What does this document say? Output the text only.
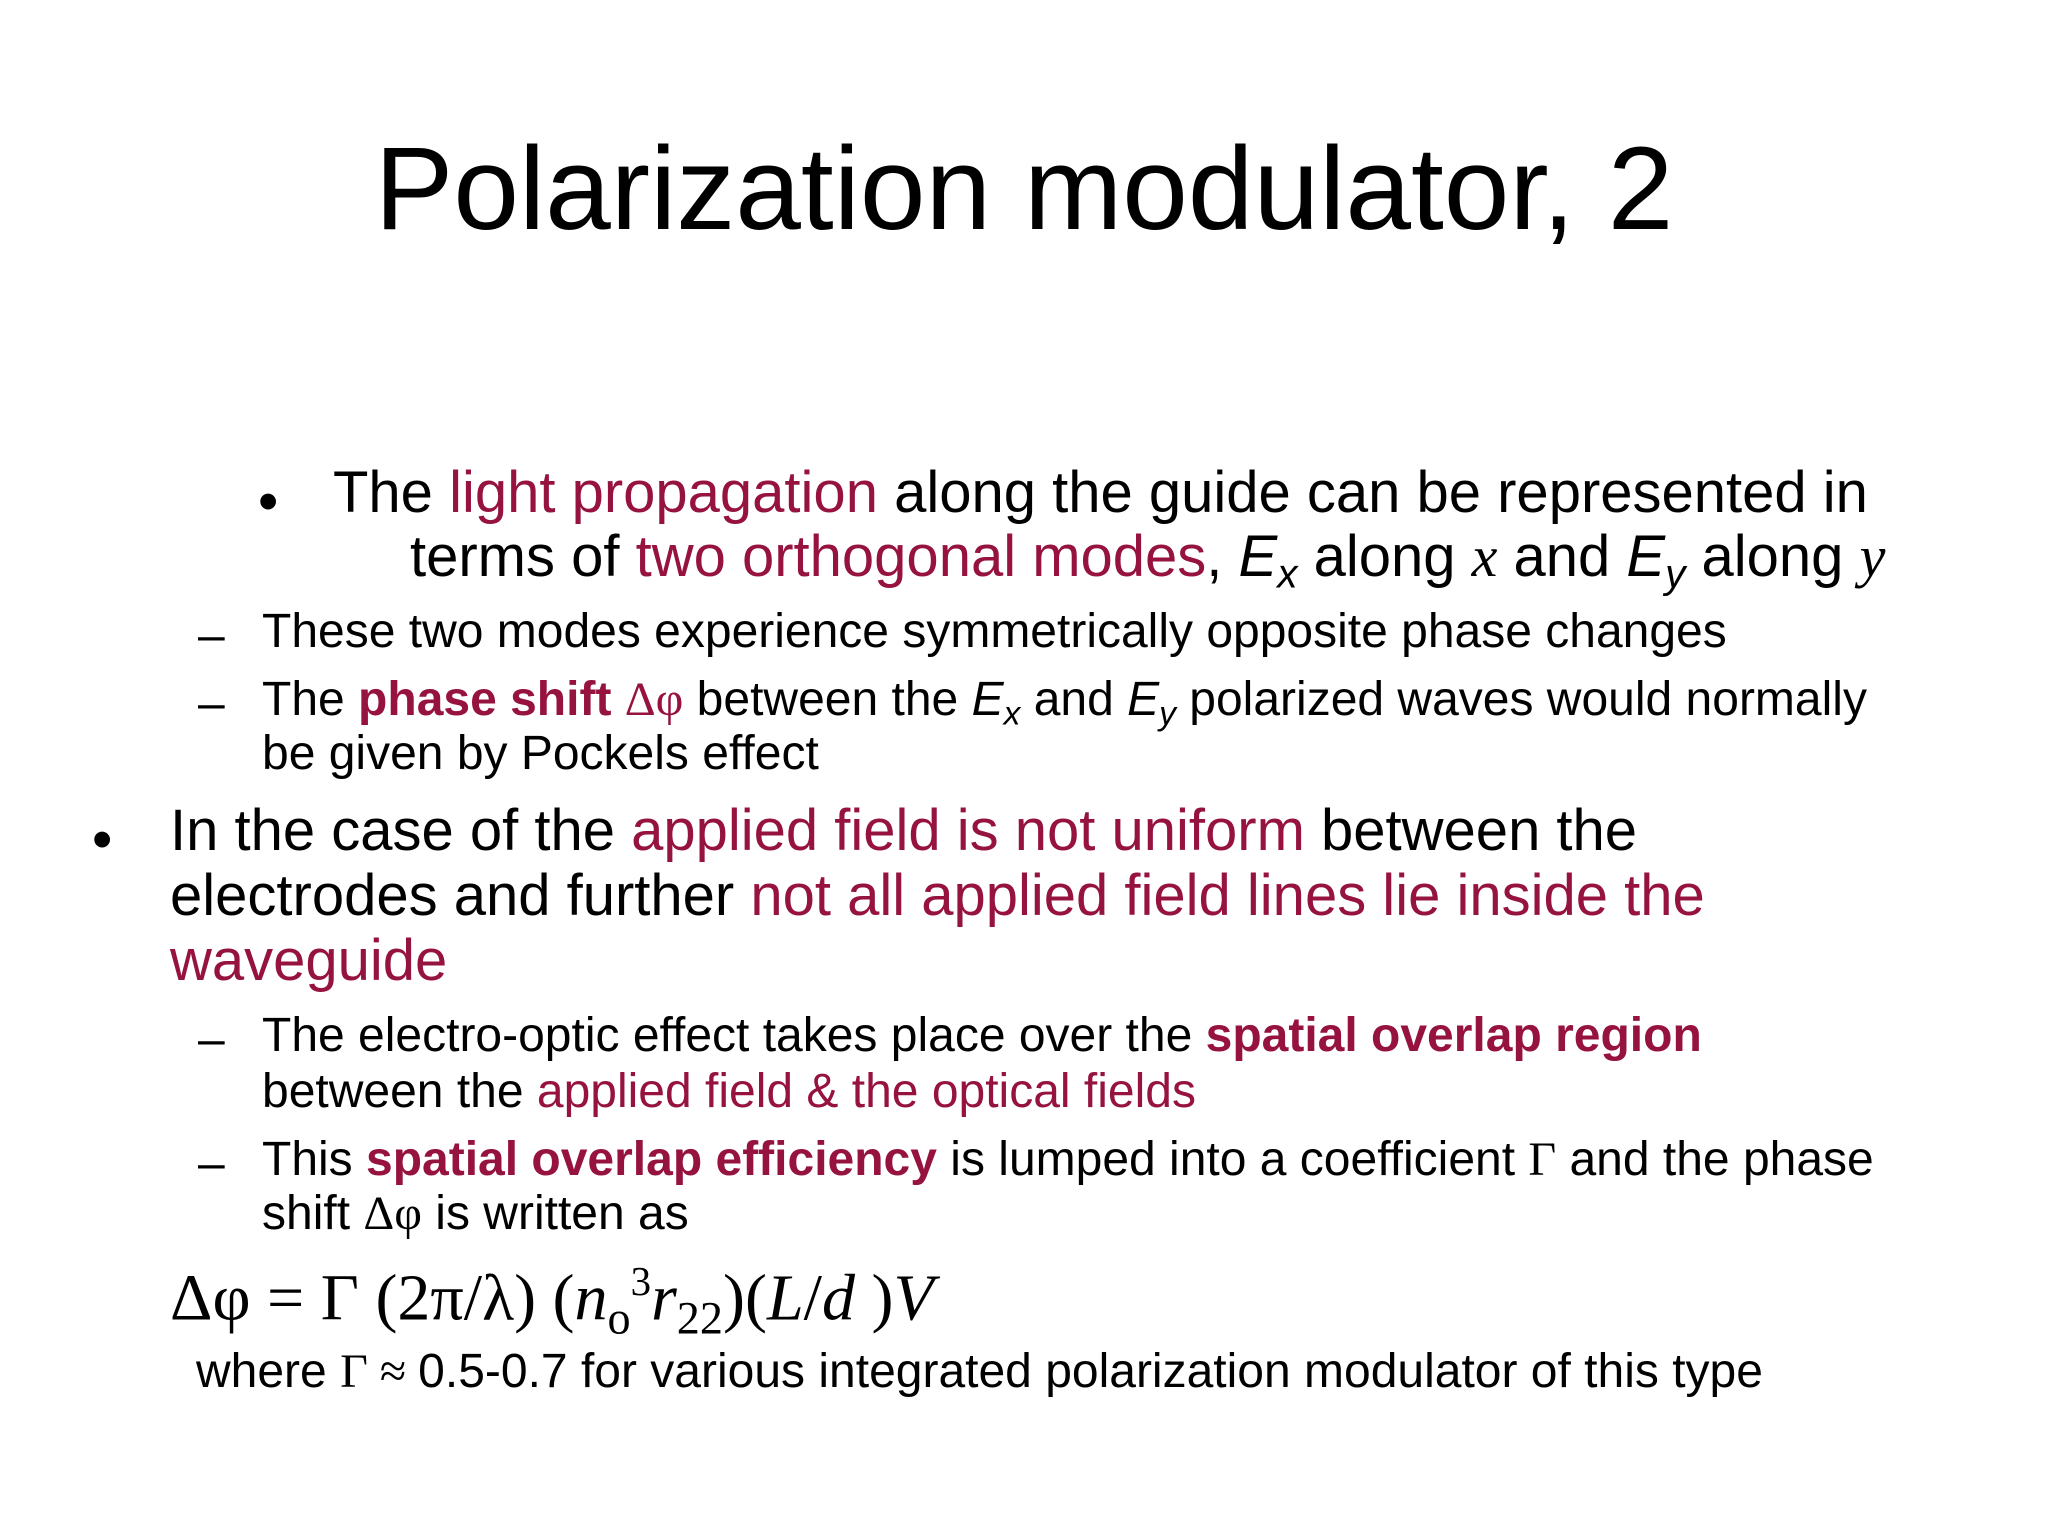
Polarization modulator, 2
• The light propagation along the guide can be represented in
terms of two orthogonal modes, $E_x$ along x and $E_y$ along y
– These two modes experience symmetrically opposite phase changes
– The phase shift Δφ between the $E_x$ and $E_y$ polarized waves would normally
be given by Pockels effect
• In the case of the applied field is not uniform between the
electrodes and further not all applied field lines lie inside the
waveguide
– The electro-optic effect takes place over the spatial overlap region
between the applied field & the optical fields
– This spatial overlap efficiency is lumped into a coefficient Γ and the phase
shift Δφ is written as
Δφ = Γ (2π/λ) $(n_o^3r_{22})(L/d$ )V
where Γ ≈ 0.5-0.7 for various integrated polarization modulator of this type
